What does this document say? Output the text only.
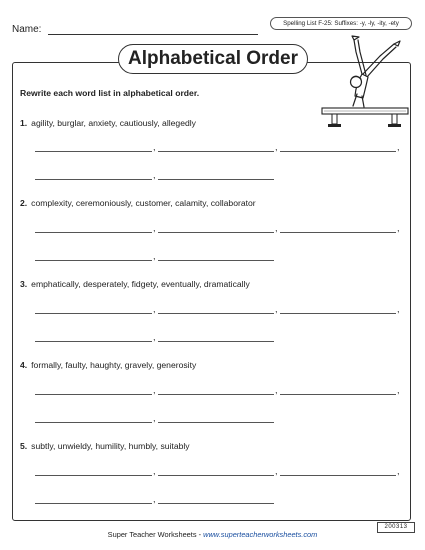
Name:
Spelling List F-25: Suffixes: -y, -ly, -ity, -ety
Alphabetical Order
Rewrite each word list in alphabetical order.
1. agility, burglar, anxiety, cautiously, allegedly
,	,	,
,
2. complexity, ceremoniously, customer, calamity, collaborator
,	,	,
,
3. emphatically, desperately, fidgety, eventually, dramatically
,	,	,
,
4. formally, faulty, haughty, gravely, generosity
,	,	,
,
5. subtly, unwieldy, humility, humbly, suitably
,	,	,
,
200313
Super Teacher Worksheets - www.superteacherworksheets.com
